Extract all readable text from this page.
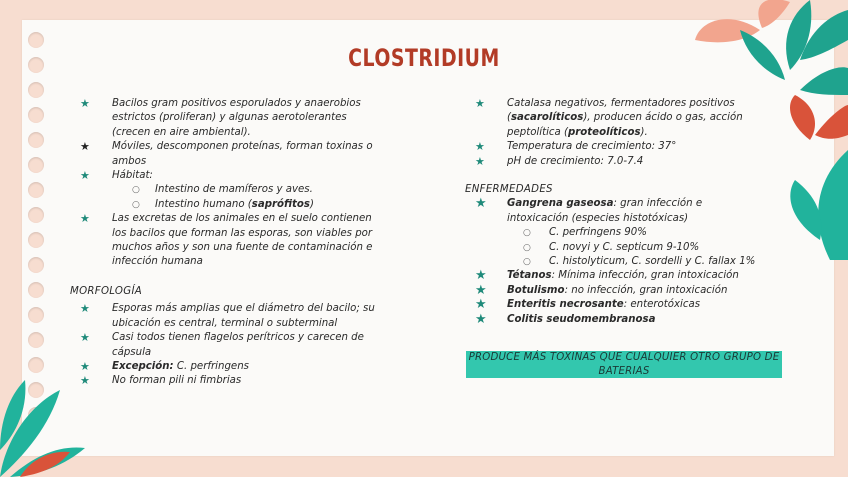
CLOSTRIDIUM
★ Bacilos gram positivos esporulados y anaerobios estrictos (proliferan) y algunas aerotolerantes (crecen en aire ambiental).
★ Móviles, descomponen proteínas, forman toxinas o ambos
★ Hábitat:
○ Intestino de mamíferos y aves.
○ Intestino humano (saprófitos)
★ Las excretas de los animales en el suelo contienen los bacilos que forman las esporas, son viables por muchos años y son una fuente de contaminación e infección humana
MORFOLOGÍA
★ Esporas más amplias que el diámetro del bacilo; su ubicación es central, terminal o subterminal
★ Casi todos tienen flagelos perítricos y carecen de cápsula
★ Excepción: C. perfringens
★ No forman pili ni fimbrias
★ Catalasa negativos, fermentadores positivos (sacarolíticos), producen ácido o gas, acción peptolítica (proteolíticos).
★ Temperatura de crecimiento: 37°
★ pH de crecimiento: 7.0-7.4
ENFERMEDADES
★ Gangrena gaseosa: gran infección e intoxicación (especies histotóxicas)
○ C. perfringens 90%
○ C. novyi y C. septicum 9-10%
○ C. histolyticum, C. sordelli y C. fallax 1%
★ Tétanos: Mínima infección, gran intoxicación
★ Botulismo: no infección, gran intoxicación
★ Enteritis necrosante: enterotóxicas
★ Colitis seudomembranosa
PRODUCE MÁS TOXINAS QUE CUALQUIER OTRO GRUPO DE BATERIAS
